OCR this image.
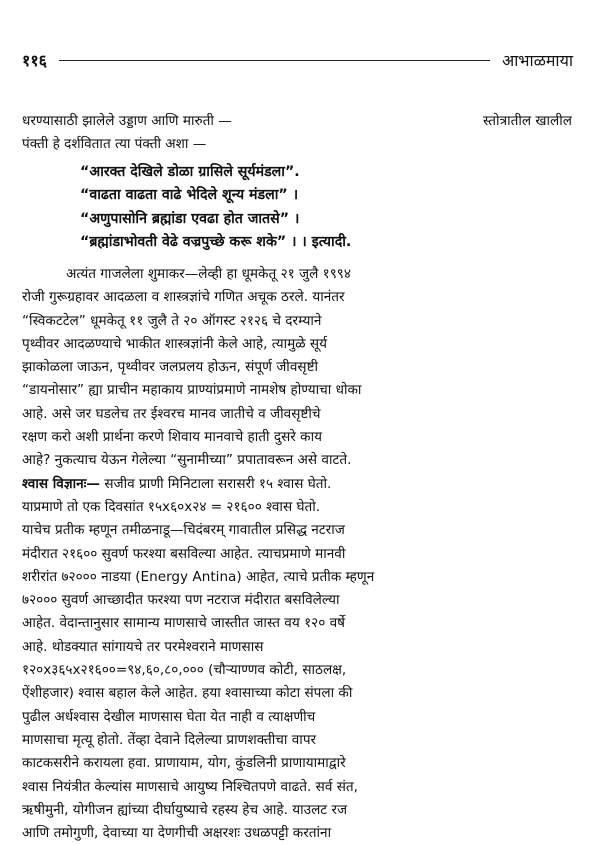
११६	आभाळमाया
धरण्यासाठी झालेले उड्डाण आणि मारुती —	स्तोत्रातील खालील
पंक्ती हे दर्शवितात त्या पंक्ती अशा —
“आरक्त देखिले डोळा ग्रासिले सूर्यमंडला”.
“वाढता वाढता वाढे भेदिले शून्य मंडला” ।
“अणुपासोनि ब्रह्मांडा एवढा होत जातसे” ।
“ब्रह्मांडाभोवती वेढे वज्रपुच्छे करू शके” । । इत्यादी.
अत्यंत गाजलेला शुमाकर—लेव्ही हा धूमकेतू २१ जुलै १९९४
रोजी गुरूग्रहावर आदळला व शास्त्रज्ञांचे गणित अचूक ठरले. यानंतर
“स्विकटटेल” धूमकेतू ११ जुलै ते २० ऑगस्ट २१२६ चे दरम्याने
पृथ्वीवर आदळण्याचे भाकीत शास्त्रज्ञांनी केले आहे, त्यामुळे सूर्य
झाकोळला जाऊन, पृथ्वीवर जलप्रलय होऊन, संपूर्ण जीवसृष्टी
“डायनोसार” ह्या प्राचीन महाकाय प्राण्यांप्रमाणे नामशेष होण्याचा धोका
आहे. असे जर घडलेच तर ईश्वरच मानव जातीचे व जीवसृष्टीचे
रक्षण करो अशी प्रार्थना करणे शिवाय मानवाचे हाती दुसरे काय
आहे? नुकत्याच येऊन गेलेल्या “सुनामीच्या” प्रपातावरून असे वाटते.
श्वास विज्ञानः— सजीव प्राणी मिनिटाला सरासरी १५ श्वास घेतो.
याप्रमाणे तो एक दिवसांत १५x६०x२४ = २१६०० श्वास घेतो.
याचेच प्रतीक म्हणून तमीळनाडू—चिदंबरम् गावातील प्रसिद्ध नटराज
मंदीरात २१६०० सुवर्ण फरश्या बसविल्या आहेत. त्याचप्रमाणे मानवी
शरीरांत ७२००० नाडया (Energy Antina) आहेत, त्याचे प्रतीक म्हणून
७२००० सुवर्ण आच्छादीत फरश्या पण नटराज मंदीरात बसविलेल्या
आहेत. वेदान्तानुसार सामान्य माणसाचे जास्तीत जास्त वय १२० वर्षे
आहे. थोडक्यात सांगायचे तर परमेश्वराने माणसास
१२०x३६५x२१६००=९४,६०,८०,००० (चौऱ्याण्णव कोटी, साठलक्ष,
ऐंशीहजार) श्वास बहाल केले आहेत. हया श्वासाच्या कोटा संपला की
पुढील अर्धश्वास देखील माणसास घेता येत नाही व त्याक्षणीच
माणसाचा मृत्यू होतो. तेंव्हा देवाने दिलेल्या प्राणशक्तीचा वापर
काटकसरीने करायला हवा. प्राणायाम, योग, कुंडलिनी प्राणायामाद्वारे
श्वास नियंत्रीत केल्यांस माणसाचे आयुष्य निश्चितपणे वाढते. सर्व संत,
ऋषीमुनी, योगीजन ह्यांच्या दीर्घायुष्याचे रहस्य हेच आहे. याउलट रज
आणि तमोगुणी, देवाच्या या देणगीची अक्षरशः उधळपट्टी करतांना
